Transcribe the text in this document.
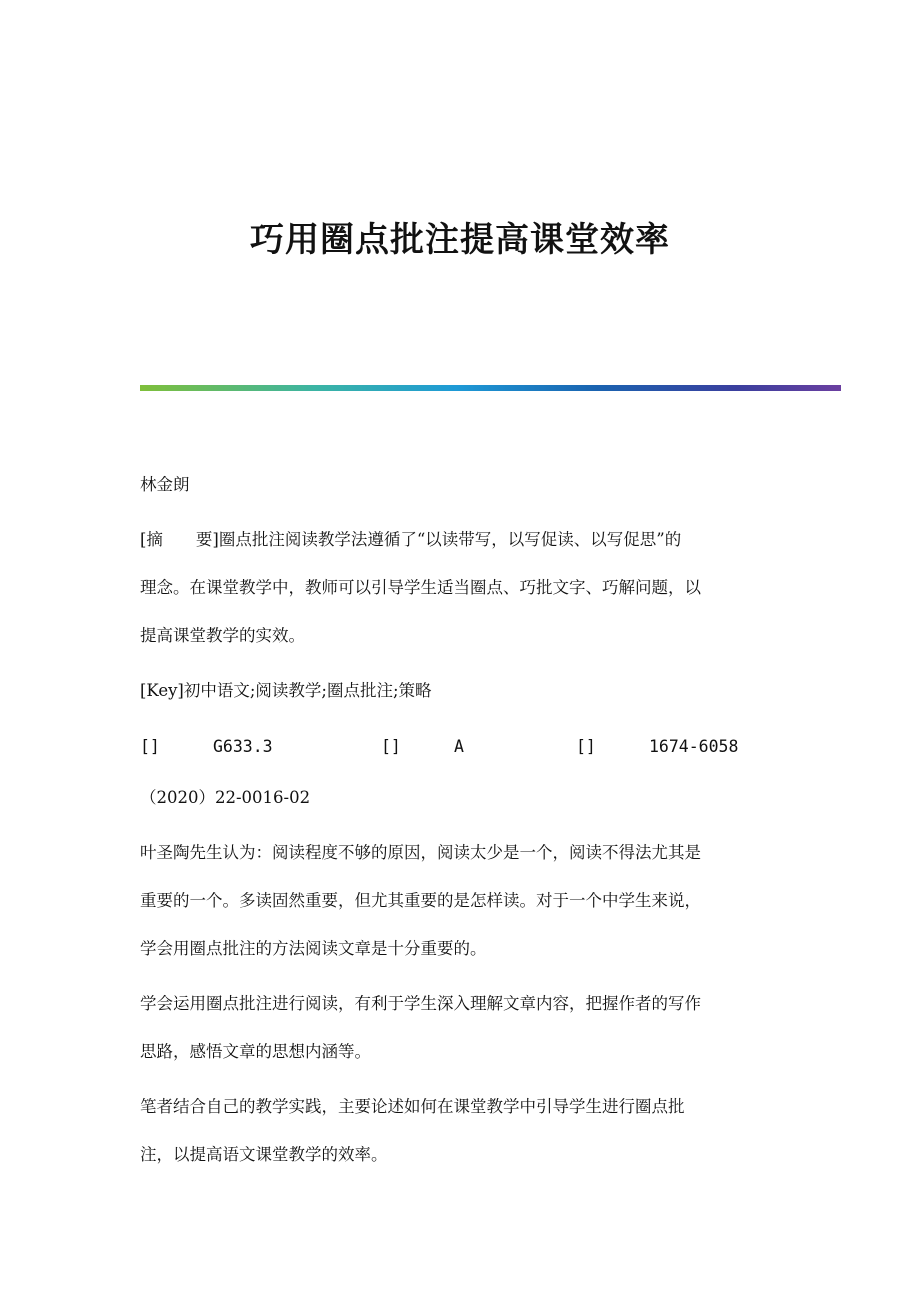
巧用圈点批注提高课堂效率
林金朗
[摘　　要]圈点批注阅读教学法遵循了“以读带写，以写促读、以写促思”的
理念。在课堂教学中，教师可以引导学生适当圈点、巧批文字、巧解问题，以
提高课堂教学的实效。
[Key]初中语文;阅读教学;圈点批注;策略
[]	G633.3	[]	A	[]	1674-6058
（2020）22-0016-02
叶圣陶先生认为：阅读程度不够的原因，阅读太少是一个，阅读不得法尤其是
重要的一个。多读固然重要，但尤其重要的是怎样读。对于一个中学生来说，
学会用圈点批注的方法阅读文章是十分重要的。
学会运用圈点批注进行阅读，有利于学生深入理解文章内容，把握作者的写作
思路，感悟文章的思想内涵等。
笔者结合自己的教学实践，主要论述如何在课堂教学中引导学生进行圈点批
注，以提高语文课堂教学的效率。
